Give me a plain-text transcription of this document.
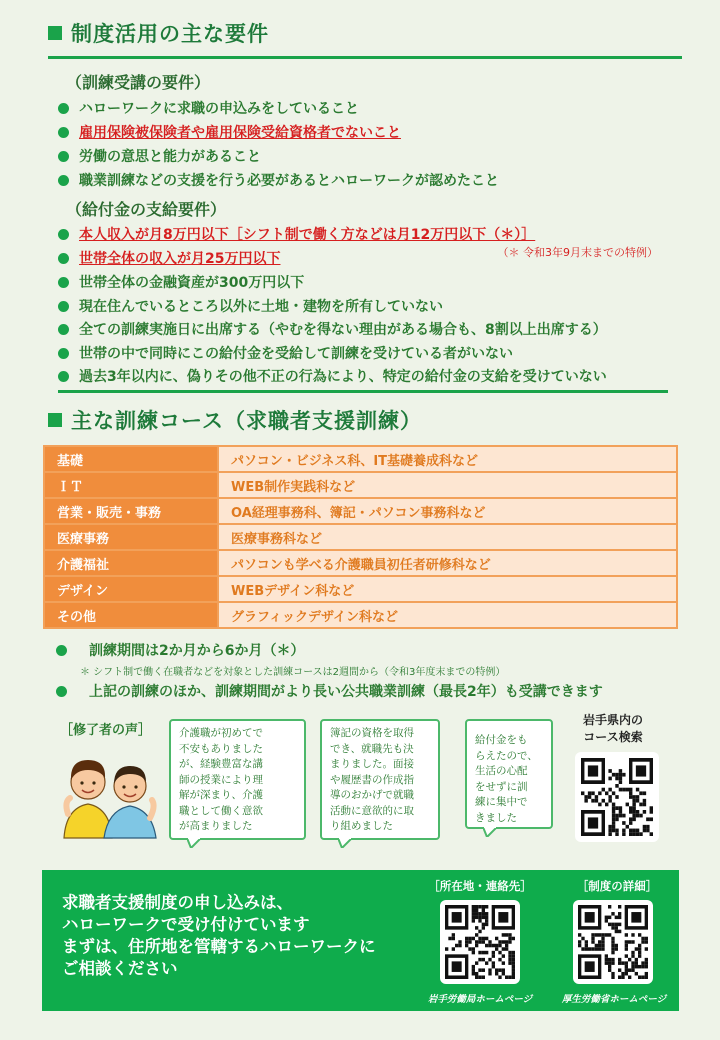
制度活用の主な要件
（訓練受講の要件）
ハローワークに求職の申込みをしていること
雇用保険被保険者や雇用保険受給資格者でないこと
労働の意思と能力があること
職業訓練などの支援を行う必要があるとハローワークが認めたこと
（給付金の支給要件）
本人収入が月8万円以下［シフト制で働く方などは月12万円以下（＊）］
（＊ 令和3年9月末までの特例）
世帯全体の収入が月25万円以下
世帯全体の金融資産が300万円以下
現在住んでいるところ以外に土地・建物を所有していない
全ての訓練実施日に出席する（やむを得ない理由がある場合も、8割以上出席する）
世帯の中で同時にこの給付金を受給して訓練を受けている者がいない
過去3年以内に、偽りその他不正の行為により、特定の給付金の支給を受けていない
主な訓練コース（求職者支援訓練）
基礎	パソコン・ビジネス科、IT基礎養成科など
ＩＴ	WEB制作実践科など
営業・販売・事務	OA経理事務科、簿記・パソコン事務科など
医療事務	医療事務科など
介護福祉	パソコンも学べる介護職員初任者研修科など
デザイン	WEBデザイン科など
その他	グラフィックデザイン科など
訓練期間は2か月から6か月（＊）
＊ シフト制で働く在職者などを対象とした訓練コースは2週間から（令和3年度末までの特例）
上記の訓練のほか、訓練期間がより長い公共職業訓練（最長2年）も受講できます
［修了者の声］	介護職が初めてで
不安もありました
が、経験豊富な講
師の授業により理
解が深まり、介護
職として働く意欲
が高まりました
簿記の資格を取得
でき、就職先も決
まりました。面接
や履歴書の作成指
導のおかげで就職
活動に意欲的に取
り組めました
給付金をも
らえたので、
生活の心配
をせずに訓
練に集中で
きました
岩手県内の
コース検索
求職者支援制度の申し込みは、
ハローワークで受け付けています
まずは、住所地を管轄するハローワークに
ご相談ください
［所在地・連絡先］
岩手労働局ホームページ
［制度の詳細］
厚生労働省ホームページ
